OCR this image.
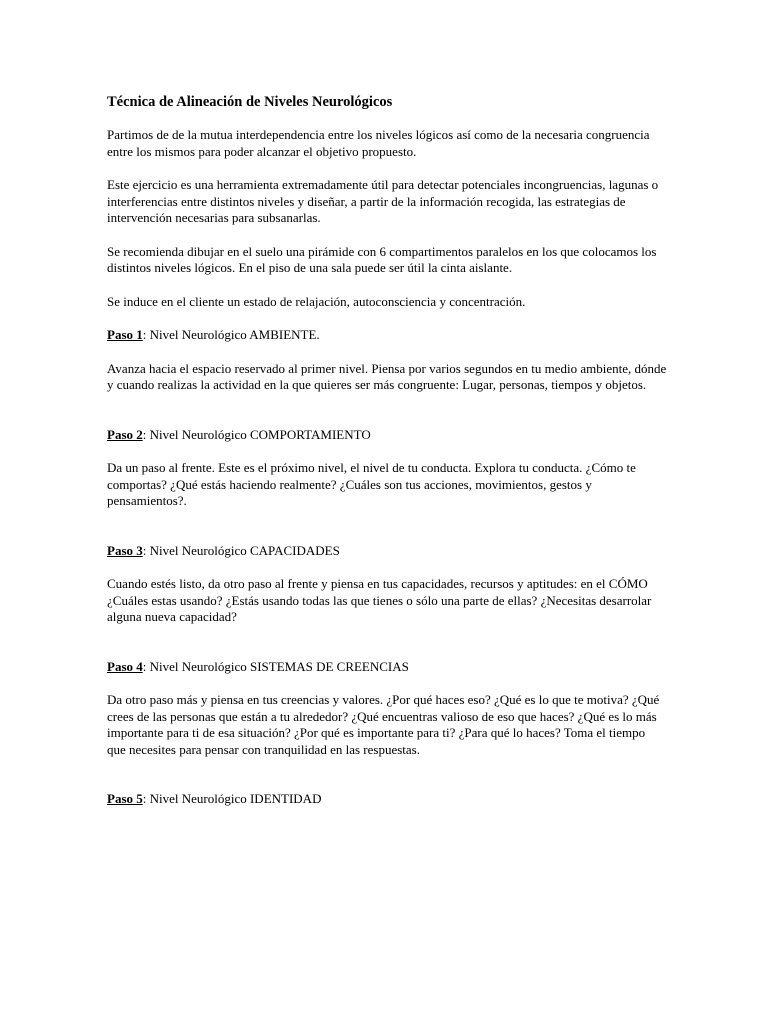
Técnica de Alineación de Niveles Neurológicos

Partimos de de la mutua interdependencia entre los niveles lógicos así como de la necesaria congruencia entre los mismos para poder alcanzar el objetivo propuesto.

Este ejercicio es una herramienta extremadamente útil para detectar potenciales incongruencias, lagunas o interferencias entre distintos niveles y diseñar, a partir de la información recogida, las estrategias de intervención necesarias para subsanarlas.

Se recomienda dibujar en el suelo una pirámide con 6 compartimentos paralelos en los que colocamos los distintos niveles lógicos. En el piso de una sala puede ser útil la cinta aislante.

Se induce en el cliente un estado de relajación, autoconsciencia y concentración.

Paso 1: Nivel Neurológico AMBIENTE.

Avanza hacia el espacio reservado al primer nivel. Piensa por varios segundos en tu medio ambiente, dónde y cuando realizas la actividad en la que quieres ser más congruente: Lugar, personas, tiempos y objetos.

Paso 2: Nivel Neurológico COMPORTAMIENTO

Da un paso al frente. Este es el próximo nivel, el nivel de tu conducta. Explora tu conducta. ¿Cómo te comportas? ¿Qué estás haciendo realmente? ¿Cuáles son tus acciones, movimientos, gestos y pensamientos?.

Paso 3: Nivel Neurológico CAPACIDADES

Cuando estés listo, da otro paso al frente y piensa en tus capacidades, recursos y aptitudes: en el CÓMO ¿Cuáles estas usando? ¿Estás usando todas las que tienes o sólo una parte de ellas? ¿Necesitas desarrolar alguna nueva capacidad?

Paso 4: Nivel Neurológico SISTEMAS DE CREENCIAS

Da otro paso más y piensa en tus creencias y valores. ¿Por qué haces eso? ¿Qué es lo que te motiva? ¿Qué crees de las personas que están a tu alrededor? ¿Qué encuentras valioso de eso que haces? ¿Qué es lo más importante para ti de esa situación? ¿Por qué es importante para ti? ¿Para qué lo haces? Toma el tiempo que necesites para pensar con tranquilidad en las respuestas.

Paso 5: Nivel Neurológico IDENTIDAD
